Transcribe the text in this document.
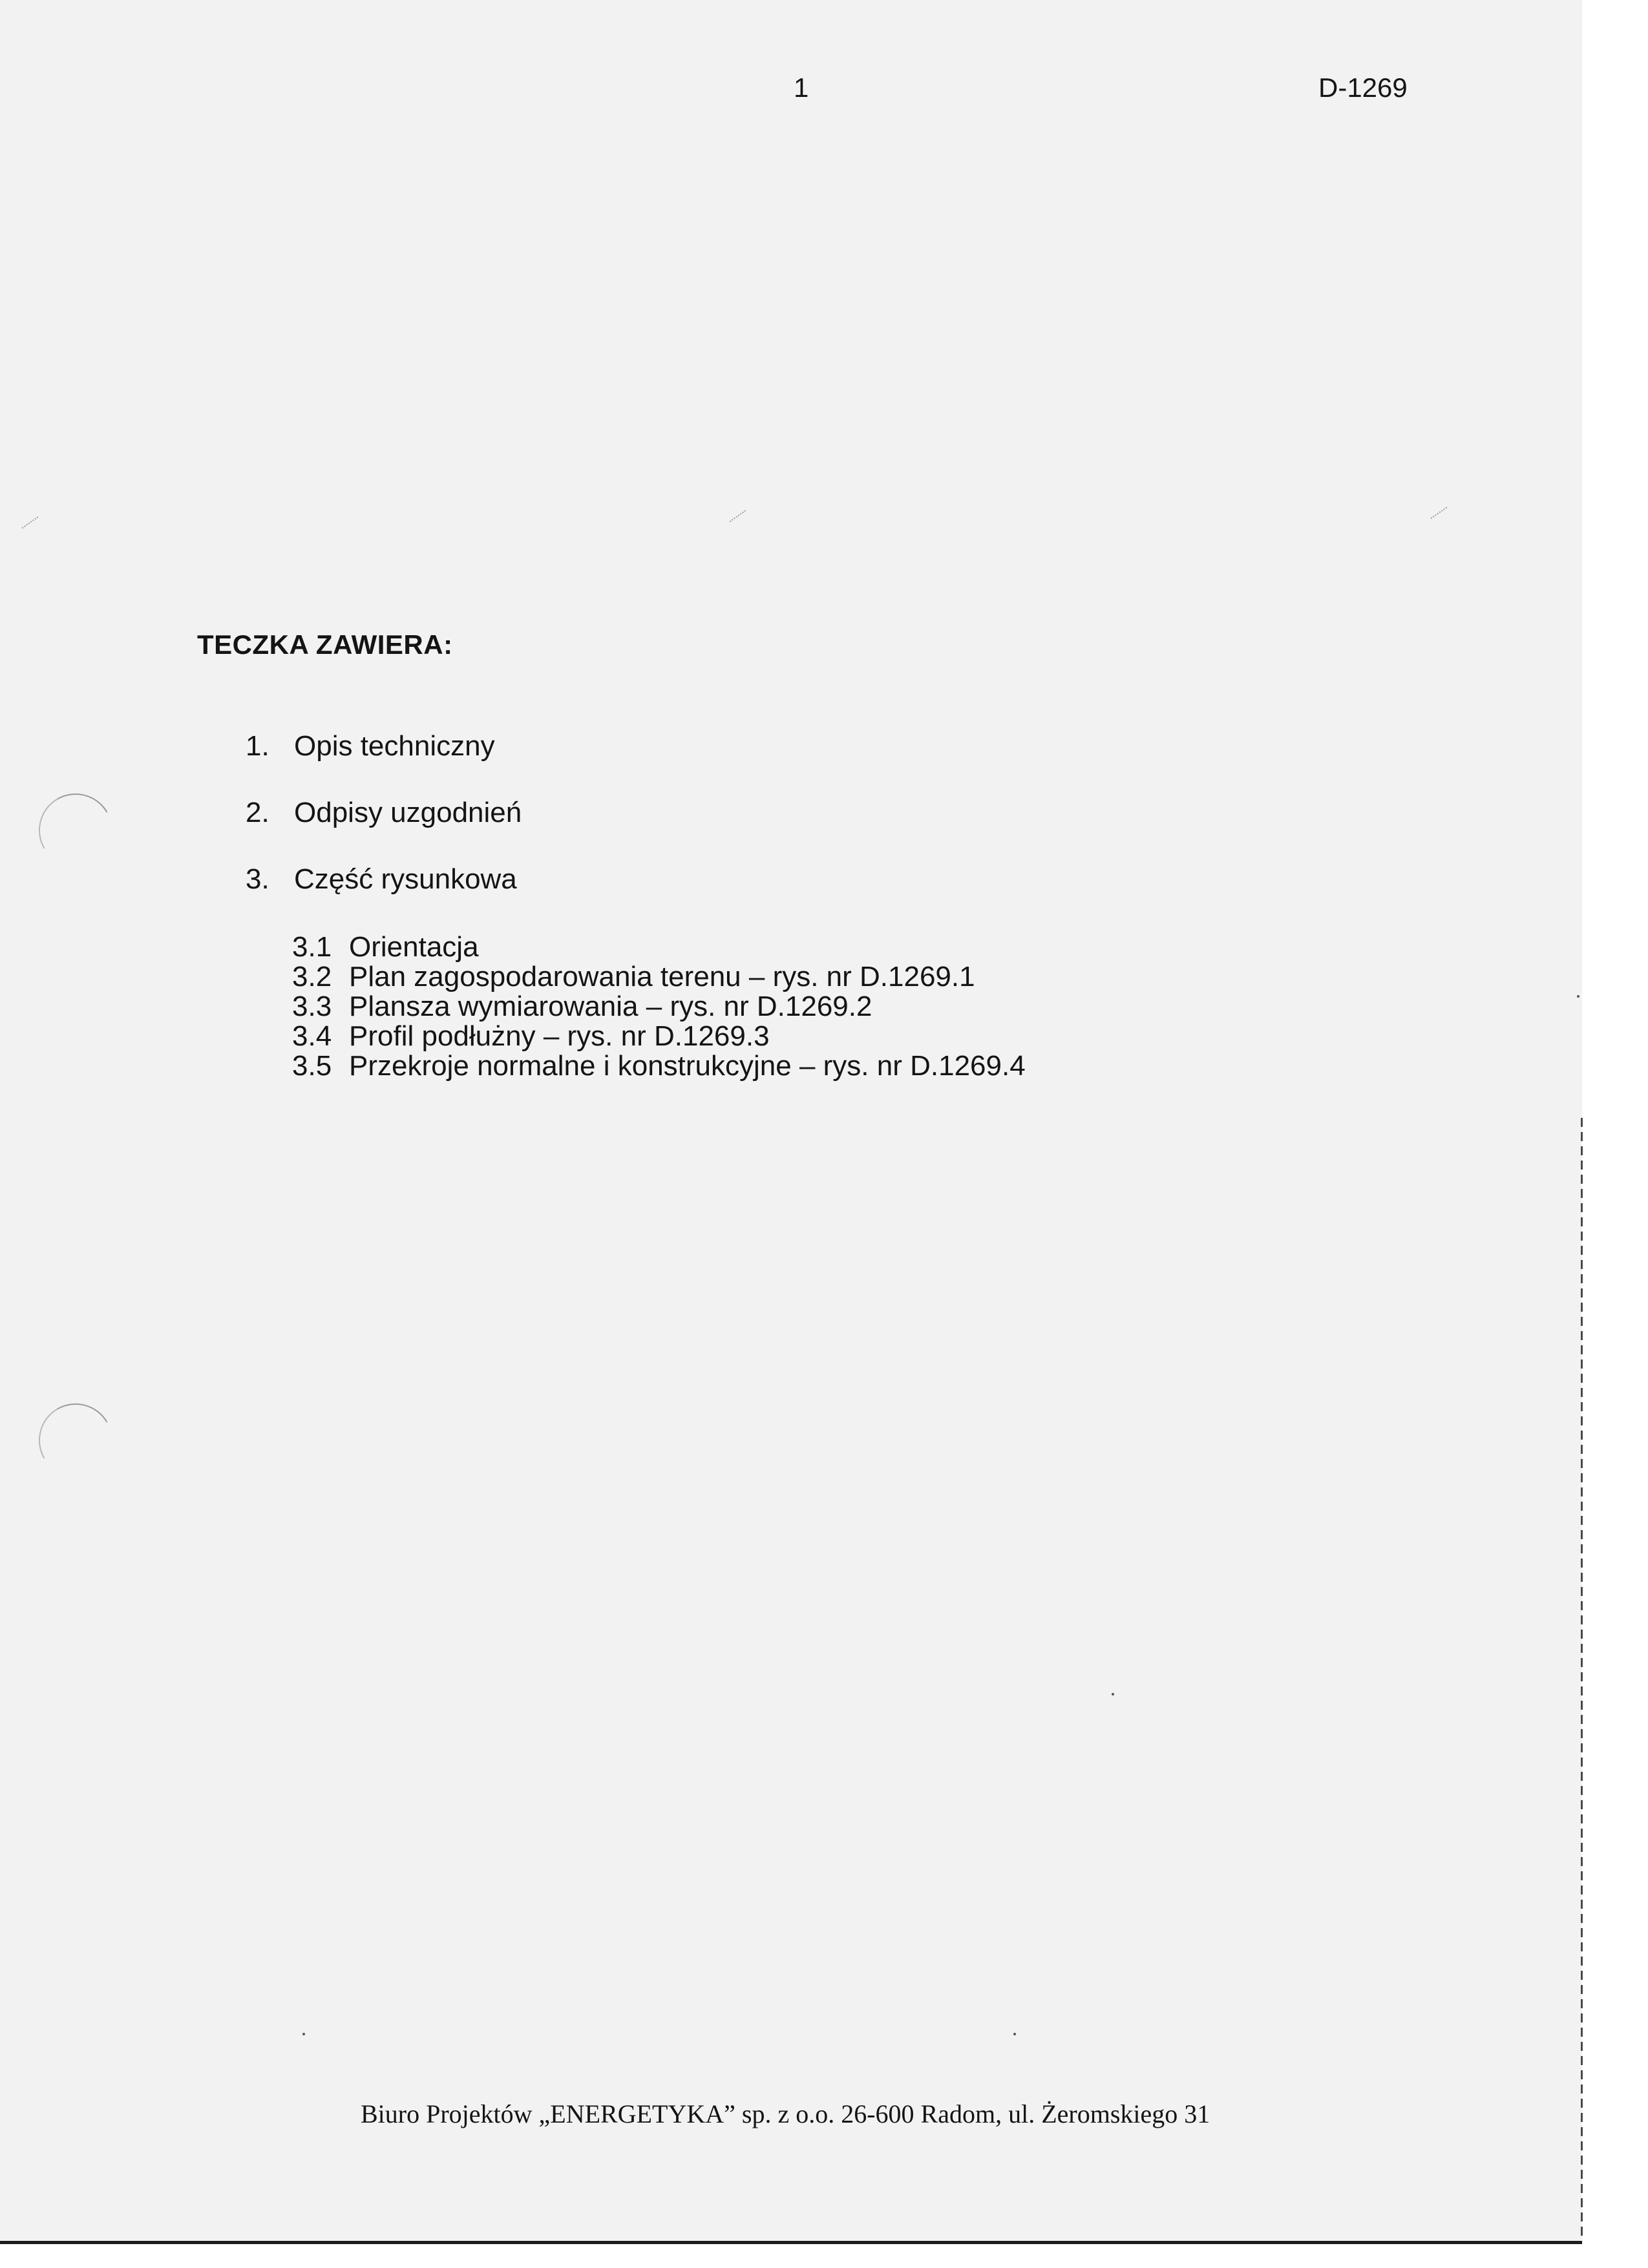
1	D-1269
TECZKA ZAWIERA:
1. Opis techniczny
2. Odpisy uzgodnień
3. Część rysunkowa
3.1 Orientacja
3.2 Plan zagospodarowania terenu – rys. nr D.1269.1
3.3 Plansza wymiarowania – rys. nr D.1269.2
3.4 Profil podłużny – rys. nr D.1269.3
3.5 Przekroje normalne i konstrukcyjne – rys. nr D.1269.4
Biuro Projektów „ENERGETYKA” sp. z o.o. 26-600 Radom, ul. Żeromskiego 31
